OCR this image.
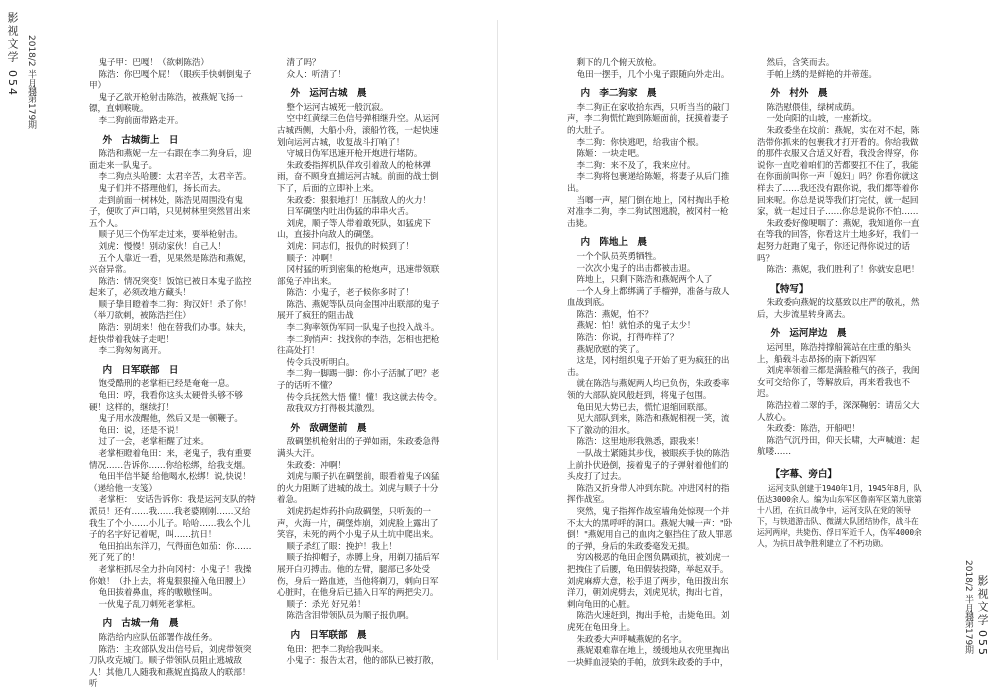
影视文学
054 2018/2 半月刊
总第179期
影视文学
055
2018/2 半月刊
总第179期

鬼子甲：巴嘎！（欲刺陈浩）

陈浩：你巴嘎个屁！（眼疾手快刺倒鬼子甲）

鬼子乙欲开枪射击陈浩，被燕妮飞扬一镖，直刺喉咙。

李二狗前面带路走开。

外　古城街上　日

陈浩和燕妮一左一右跟在李二狗身后，迎面走来一队鬼子。

李二狗点头哈腰：太君辛苦，太君辛苦。

鬼子们并不搭理他们，扬长而去。

走到前面一树林处，陈浩见周围没有鬼子，便吹了声口哨，只见树林里突然冒出来五个人。

顺子见三个伪军走过来，要举枪射击。

刘虎：慢慢！别动家伙！自己人！

五个人靠近一看，见果然是陈浩和燕妮，兴奋异常。

陈浩：情况突变！饭馆已被日本鬼子监控起来了，必须改地方藏头！

顺子挚目瞪着李二狗：狗汉奸！杀了你！（举刀欲刺，被陈浩拦住）

陈浩：别胡来！他在替我们办事。妹夫，赶快带着我妹子走吧！

李二狗匆匆离开。

内　日军联部　日

饱受酷刑的老掌柜已经是奄奄一息。

龟田：哼，我看你这头太硬骨头够不够硬！这样的，继续打！

鬼子用水泼醒他，然后又是一顿鞭子。

龟田：说，还是不说！

过了一会，老掌柜醒了过来。

老掌柜瞪着龟田：来，老鬼子，我有重要情况……告诉你……你给松绑，给我支烟。

龟田半信半疑 给他喝水,松绑！说,快说！（递给他一支笺）

老掌柜：　安话告诉你：我是运河支队的特派员！还有……我……我老婆刚刚……又给我生了个小……小儿子。哈哈……我么个儿子的名字好记着呢，叫……抗日！

龟田拍出东洋刀，气得面色如茄：你……死了死了的！

老掌柜抓尽全力扑向冈村：小鬼子！我操你娘！（扑上去，将鬼狠狠撞入龟田腰上）

龟田拔着鼻血，疼的嗷嗷怪叫。

一伙鬼子乱刀刺死老掌柜。

内　古城一角　晨

陈浩给内应队伍部署作战任务。

陈浩：主攻部队发出信号后，刘虎带领突刀队攻克城门。顺子带领队员阻止逃城敌人！其他几人随我和燕妮直捣敌人的联部！听

清了吗？

众人：听清了！

外　运河古城　晨

整个运河古城死一般沉寂。

空中红黄绿三色信号弹相继升空。从运河古城西侧，大船小舟，滚船竹筏，一起快速划向运河古城，收复战斗打响了！

守城日伪军迅速开枪开炮进行堵防。

朱政委指挥机队佯攻引着敌人的枪林弹雨，奋不顾身直捕运河古城。前面的战士倒下了，后面的立即补上来。

朱政委：狠狠地打！压制敌人的火力！

日军碉堡内吐出伪猛的串串火舌。

刘虎，顺子等人带着敢死队，如猛虎下山，直接扑向敌人的碉堡。

刘虎：同志们，报仇的时候到了！

顺子：冲啊！

冈村猛的听到密集的枪炮声，迅速带领联部兔子冲出来。

陈浩：小鬼子，老子候你多时了！

陈浩、燕妮等队员向金围冲出联部的鬼子展开了疯狂的阻击战

李二狗率领伪军同一队鬼子也投入战斗。

李二狗悄声：找找你的李浩，怎相也把枪往高处打！

传令兵没听明白。

李二狗一脚踢一脚：你小子活腻了吧？老子的话听不懂？

传令兵抚然大悟 懂！懂！我这就去传令。

敌我双方打得极其激烈。

外　敌碉堡前　晨

敌碉堡机枪射出的子弹如雨，朱政委急得满头大汗。

朱政委：冲啊！

刘虎与顺子扒在碉堡前，眼看着鬼子凶猛的火力阻断了进城的战士。刘虎与顺子十分着急。

刘虎扔起炸药扑向敌碉堡，只听轰的一声，火海一片，碉堡炸崩，刘虎脸上露出了笑容，未死的两个小鬼子从土坑中爬出来。

顺子杀红了眼：挽护！我上！

顺子抬抑帽子，赤膊上身，用剃刀插后军展开白刃搏击。他的左臂，腿部已多处受伤，身后一路血迹，当他将剃刀，刺向日军心脏时，在他身后已插入日军的两把尖刀。

顺子：杀光 好兄弟！

陈浩含泪带领队员为顺子报仇啊。

内　日军联部　晨

龟田：把李二狗给我叫来。

小鬼子：报告太君，他的部队已被打散，

剩下的几个俯天放枪。

龟田一摆手，几个小鬼子跟随向外走出。

内　李二狗家　晨

李二狗正在家收拾东西，只听当当的敲门声，李二狗慌忙跑到陈姬面前，抚摸着妻子的大肚子。

李二狗：你快逃吧，给我宙个根。

陈姬：一块走吧。

李二狗：来不及了，我来应付。

李二狗将包裹递给陈姬，将妻子从后门推出。

当啷一声，屋门倒在地上，冈村掏出手枪对准李二狗，李二狗试图逃脱，被冈村一枪击毙。

内　阵地上　晨

一个个队员英勇牺牲。

一次次小鬼子的出击都被击退。

阵地上，只剩下陈浩和燕妮两个人了

一个人身上都绑满了手榴弹，准备与敌人血战到底。

陈浩：燕妮，怕不？

燕妮：怕！就怕杀的鬼子太少！

陈浩：你说，打得咋样了？

燕妮欣慰的笑了。

这是，冈村组织鬼子开始了更为疯狂的出击。

就在陈浩与燕妮两人均已负伤，朱政委率领的大部队旋风般赶到，将鬼子包围。

龟田见大势已去，慌忙退缩回联部。

见大部队到来，陈浩和燕妮相视一笑，流下了激动的泪水。

陈浩：这里地形我熟悉，跟我来！

一队战士紧随其步伐，被眼疾手快的陈浩上前扑伏逊倒，接着鬼子的子弹射着他们的头皮打了过去。

陈浩又折身带人冲到东院。冲进冈村的指挥作战室。

突然，鬼子指挥作战室墙角处惊现一个并不太大的黑呼呼的洞口。燕妮大喊一声："卧倒！"燕妮用自己的血肉之躯挡住了敌人罪恶的子弹，身后的朱政委毫发无损。

穷凶极恶的龟田企图负隅顽抗，被刘虎一把拽住了后腰，龟田假装投降，举起双手。刘虎麻痹大意，松手退了两步，龟田拨出东洋刀，朝刘虎劈去，刘虎见状，掏出七首，刺向龟田的心脏。

陈浩火速赶到，掏出手枪，击毙龟田。刘虎死在龟田身上。

朱政委大声呼喊燕妮的名字。

燕妮艰难靠在地上，缓缓地从衣兜里掏出一块鲜血浸染的手帕，放到朱政委的手中，

然后，含笑而去。

手帕上绣的是鲜艳的并蒂莲。

外　村外　晨

陈浩慰偎佳，绿树成荫。

一处向阳的山坡，一座新坟。

朱政委坐在坟前：燕妮，实在对不起，陈浩带你抓来的包裹我才打开看的。你给我做的那件衣服又合适又好看，我没舍得穿，你说你一直吃着咱们的苦都要扛不住了，我能在你面前叫你一声「媳妇」吗？你看你就这样去了……我还没有跟你说，我们都等着你回来呢。你总是说等我们打完仗，就一起回家，就一起过日子……你总是说你不怕……

朱政委好像哽咽了：燕妮，我知道你一直在等我的回答，你看这片土地多好，我们一起努力赶跑了鬼子，你还记得你说过的话吗？

陈浩：燕妮，我们胜利了！你就安息吧！

【特写】

朱政委向燕妮的坟墓致以庄严的敬礼，然后，大步流星转身离去。

外　运河岸边　晨

运河里，陈浩持撑船篙站在庄重的船头上，船载斗志昂扬的南下新四军

刘虎率领着三都是满脸稚气的孩子，我闺女可交给你了，等解放后，再来看我也不迟。

陈浩拉着二翠的手，深深鞠躬：请岳父大人放心。

朱政委：陈浩，开船吧！

陈浩气沉丹田，仰天长啸，大声喊道：起航喽……

【字幕、旁白】

运河支队创建于1940年1月，1945年8月，队伍达3000余人。编为山东军区鲁南军区第九旅第十八团，在抗日战争中，运河支队在党的领导下，与铁道游击队、微湖大队团结协作，战斗在运河两岸，共毙伤、俘日军近千人，伪军4000余人，为抗日战争胜利建立了不朽功勋。
